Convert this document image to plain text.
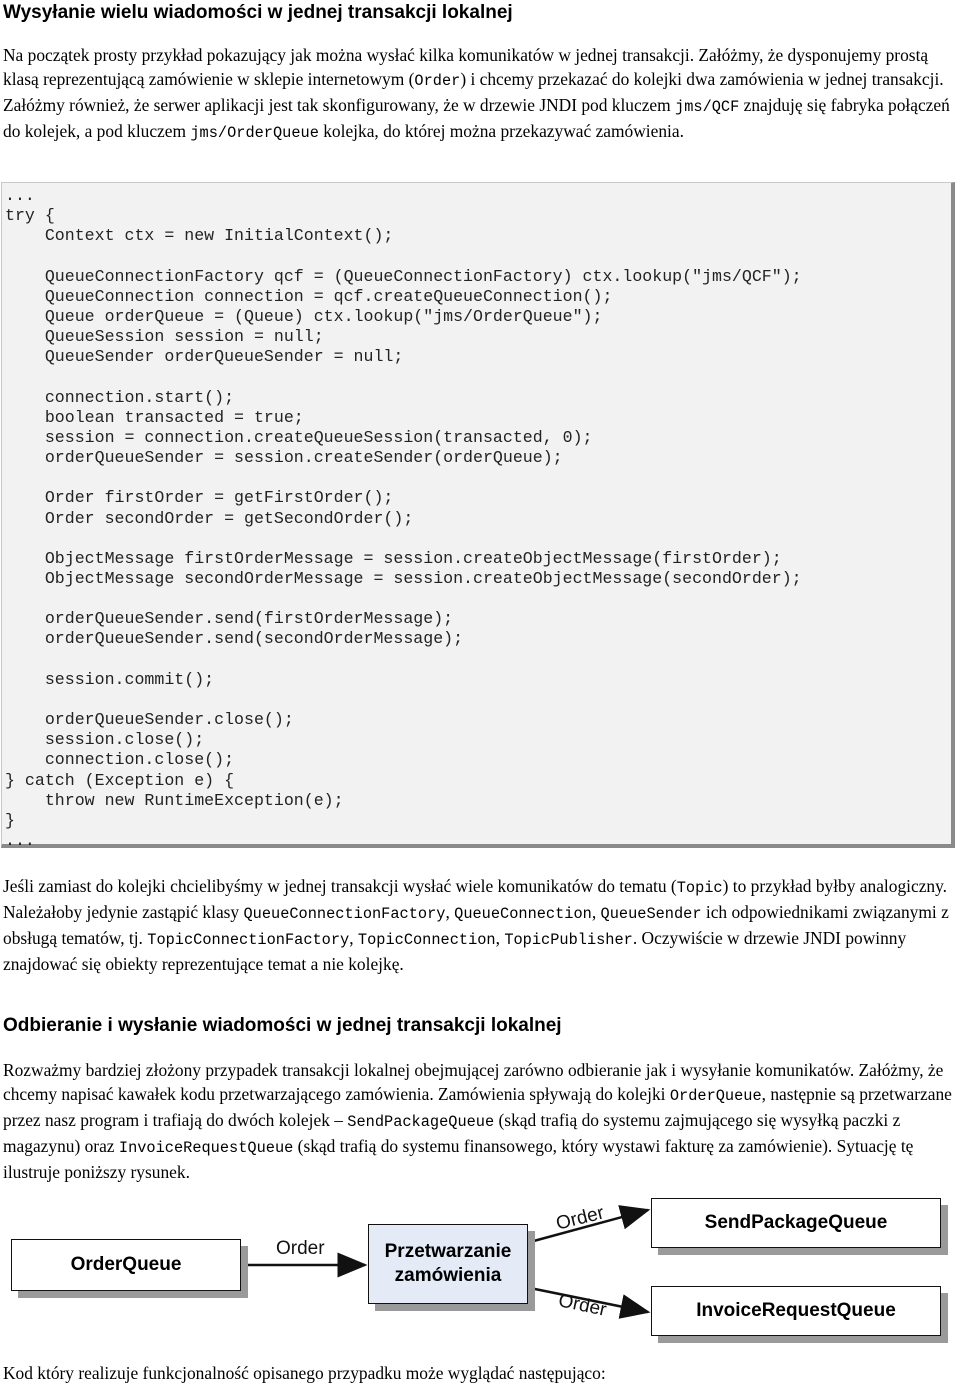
Wysyłanie wielu wiadomości w jednej transakcji lokalnej

Na początek prosty przykład pokazujący jak można wysłać kilka komunikatów w jednej transakcji. Załóżmy, że dysponujemy prostą klasą reprezentującą zamówienie w sklepie internetowym (Order) i chcemy przekazać do kolejki dwa zamówienia w jednej transakcji. Załóżmy również, że serwer aplikacji jest tak skonfigurowany, że w drzewie JNDI pod kluczem jms/QCF znajduję się fabryka połączeń do kolejek, a pod kluczem jms/OrderQueue kolejka, do której można przekazywać zamówienia.

...
try {
Context ctx = new InitialContext();

QueueConnectionFactory qcf = (QueueConnectionFactory) ctx.lookup("jms/QCF");
QueueConnection connection = qcf.createQueueConnection();
Queue orderQueue = (Queue) ctx.lookup("jms/OrderQueue");
QueueSession session = null;
QueueSender orderQueueSender = null;

connection.start();
boolean transacted = true;
session = connection.createQueueSession(transacted, 0);
orderQueueSender = session.createSender(orderQueue);

Order firstOrder = getFirstOrder();
Order secondOrder = getSecondOrder();

ObjectMessage firstOrderMessage = session.createObjectMessage(firstOrder);
ObjectMessage secondOrderMessage = session.createObjectMessage(secondOrder);

orderQueueSender.send(firstOrderMessage);
orderQueueSender.send(secondOrderMessage);

session.commit();

orderQueueSender.close();
session.close();
connection.close();
} catch (Exception e) {
throw new RuntimeException(e);
}
...

Jeśli zamiast do kolejki chcielibyśmy w jednej transakcji wysłać wiele komunikatów do tematu (Topic) to przykład byłby analogiczny. Należałoby jedynie zastąpić klasy QueueConnectionFactory, QueueConnection, QueueSender ich odpowiednikami związanymi z obsługą tematów, tj. TopicConnectionFactory, TopicConnection, TopicPublisher. Oczywiście w drzewie JNDI powinny znajdować się obiekty reprezentujące temat a nie kolejkę.

Odbieranie i wysłanie wiadomości w jednej transakcji lokalnej

Rozważmy bardziej złożony przypadek transakcji lokalnej obejmującej zarówno odbieranie jak i wysyłanie komunikatów. Załóżmy, że chcemy napisać kawałek kodu przetwarzającego zamówienia. Zamówienia spływają do kolejki OrderQueue, następnie są przetwarzane przez nasz program i trafiają do dwóch kolejek – SendPackageQueue (skąd trafią do systemu zajmującego się wysyłką paczki z magazynu) oraz InvoiceRequestQueue (skąd trafią do systemu finansowego, który wystawi fakturę za zamówienie). Sytuację tę ilustruje poniższy rysunek.

OrderQueue
Przetwarzanie
zamówienia
SendPackageQueue
InvoiceRequestQueue
Order
Order
Order

Kod który realizuje funkcjonalność opisanego przypadku może wyglądać następująco:
